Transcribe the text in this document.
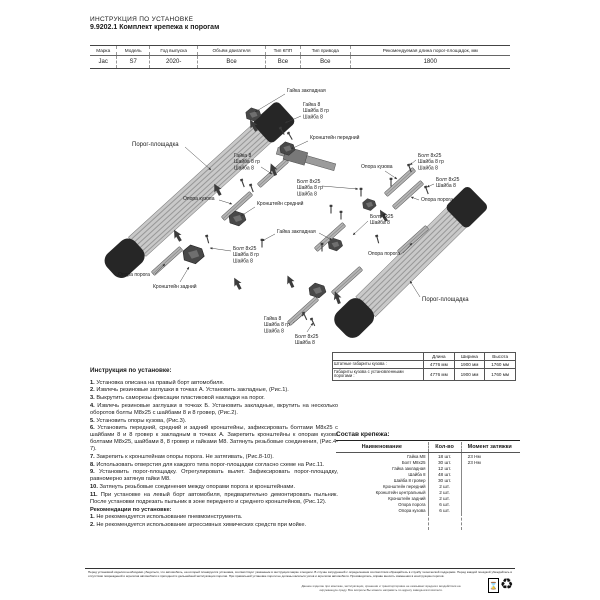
ИНСТРУКЦИЯ ПО УСТАНОВКЕ
9.9202.1 Комплект крепежа к порогам
Марка	Модель	Год выпуска	Объём двигателя	Тип КПП	Тип привода	Рекомендуемая длина порог-площадок, мм
Jac	S7	2020-	Все	Все	Все	1800
Порог-площадка
Гайка закладная
Гайка 8 Шайба 8 гр Шайба 8
Кронштейн передний
Гайка 8 Шайба 8 гр Шайба 8
Опора кузова
Кронштейн средний
Болт 8х25 Шайба 8 гр Шайба 8
Опора кузова
Болт 8х25 Шайба 8 гр Шайба 8
Болт 8х25 Шайба 8
Опора порога
Гайка закладная
Болт 8х25 Шайба 8
Опора порога
Болт 8х25 Шайба 8 гр Шайба 8
Опора порога
Кронштейн задний
Гайка 8 Шайба 8 гр Шайба 8
Болт 8х25 Шайба 8
Порог-площадка
Инструкция по установке:

1. Установка описана на правый борт автомобиля.

2. Извлечь резиновые заглушки в точках А. Установить закладные, (Рис.1).

3. Выкрутить саморезы фиксации пластиковой накладки на порог.

4. Извлечь резиновые заглушки в точках Б. Установить закладные, вкрутить на несколько оборотов болты М8х25 с шайбами 8 и 8 гровер, (Рис.2).

5. Установить опоры кузова, (Рис.3).

6. Установить передний, средний и задний кронштейны, зафиксировать болтами М8х25 с шайбами 8 и 8 гровер к закладным в точках А. Закрепить кронштейны к опорам кузова болтами М8х25, шайбами 8, 8 гровер и гайками М8. Затянуть резьбовые соединения, (Рис.4-7).

7. Закрепить к кронштейнам опоры порога. Не затягивать, (Рис.8-10).

8. Использовать отверстия для каждого типа порог-площадки согласно схеме на Рис.11.

9. Установить порог-площадку. Отрегулировать вылет. Зафиксировать порог-площадку, равномерно затянув гайки М8.

10. Затянуть резьбовые соединения между опорами порога и кронштейнами.

11. При установке на левый борт автомобиля, предварительно демонтировать пыльник. После установки подрезать пыльник в зоне переднего и среднего кронштейнов, (Рис.12).

Рекомендации по установке:

1. Не рекомендуется использование пневмоинструмента.

2. Не рекомендуется использование агрессивных химических средств при мойке.

	Длина	Ширина	Высота
Штатные габариты кузова :	4776 мм	1900 мм	1760 мм
Габариты кузова с установленными порогами :	4776 мм	1900 мм	1760 мм
Состав крепежа:
Наименование	Кол-во	Момент затяжки
Гайка М8	18 шт.	23 Нм
Болт М8х25	30 шт.	23 Нм
Гайка закладная	12 шт.	
Шайба 8	48 шт.	
Шайба 8 гровер	30 шт.	
Кронштейн передний	2 шт.	
Кронштейн центральный	2 шт.	
Кронштейн задний	2 шт.	
Опора порога	6 шт.	
Опора кузова	6 шт.	

Перед установкой изделия необходимо убедиться, что автомобиль, на который планируется установка, соответствует указанным в инструкции марке и модели. В случае затруднений с определением соответствия обращайтесь в службу технической поддержки. Перед каждой поездкой убеждайтесь в отсутствии повреждений и агрегатов автомобиля и пригодности дальнейшей эксплуатации порогов. При правильной установке пороги не должны касаться узлов и агрегатов автомобиля. Производитель, вправе вносить изменения в конструкцию порогов.
Данное изделие при монтаже, эксплуатации, хранении и транспортировке не оказывает вредного воздействия на окружающую среду. Все вопросы Вы можете направить по адресу завода-изготовителя.
⌛ ♻
